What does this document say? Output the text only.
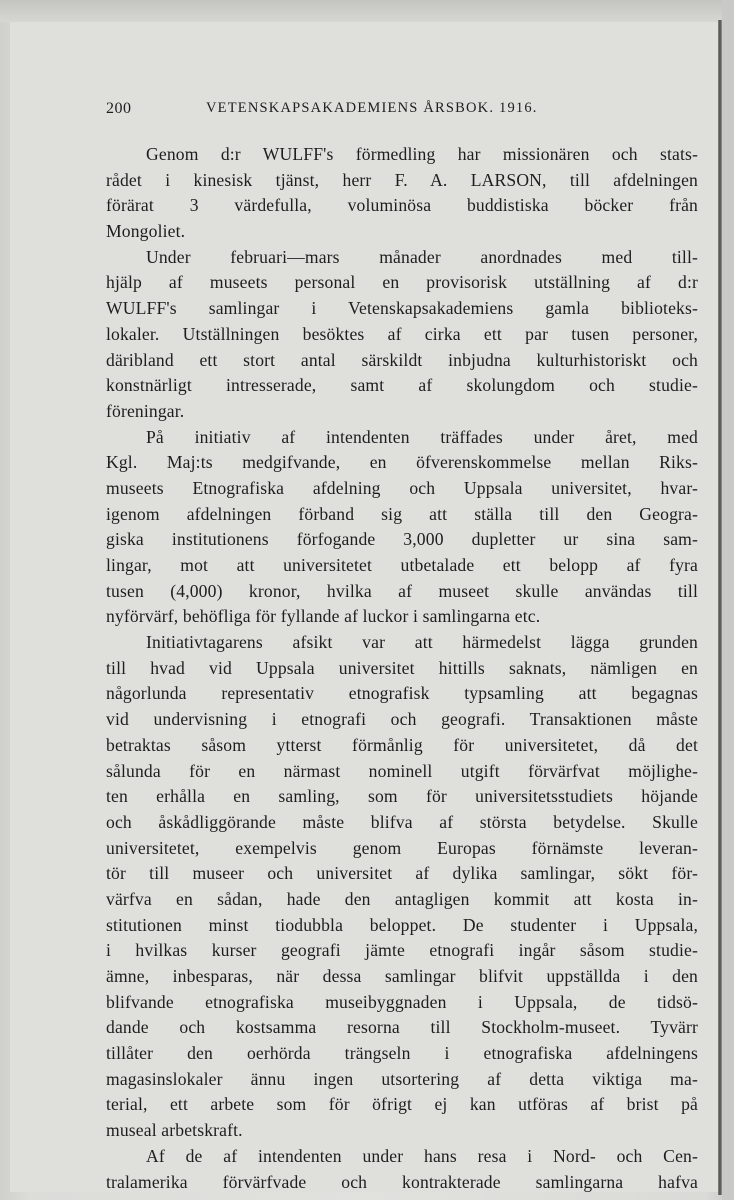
200	VETENSKAPSAKADEMIENS ÅRSBOK. 1916.
Genom d:r WULFF's förmedling har missionären och stats-
rådet i kinesisk tjänst, herr F. A. LARSON, till afdelningen
förärat 3 värdefulla, voluminösa buddistiska böcker från
Mongoliet.
Under februari—mars månader anordnades med till-
hjälp af museets personal en provisorisk utställning af d:r
WULFF's samlingar i Vetenskapsakademiens gamla biblioteks-
lokaler. Utställningen besöktes af cirka ett par tusen personer,
däribland ett stort antal särskildt inbjudna kulturhistoriskt och
konstnärligt intresserade, samt af skolungdom och studie-
föreningar.
På initiativ af intendenten träffades under året, med
Kgl. Maj:ts medgifvande, en öfverenskommelse mellan Riks-
museets Etnografiska afdelning och Uppsala universitet, hvar-
igenom afdelningen förband sig att ställa till den Geogra-
giska institutionens förfogande 3,000 dupletter ur sina sam-
lingar, mot att universitetet utbetalade ett belopp af fyra
tusen (4,000) kronor, hvilka af museet skulle användas till
nyförvärf, behöfliga för fyllande af luckor i samlingarna etc.
Initiativtagarens afsikt var att härmedelst lägga grunden
till hvad vid Uppsala universitet hittills saknats, nämligen en
någorlunda representativ etnografisk typsamling att begagnas
vid undervisning i etnografi och geografi. Transaktionen måste
betraktas såsom ytterst förmånlig för universitetet, då det
sålunda för en närmast nominell utgift förvärfvat möjlighe-
ten erhålla en samling, som för universitetsstudiets höjande
och åskådliggörande måste blifva af största betydelse. Skulle
universitetet, exempelvis genom Europas förnämste leveran-
tör till museer och universitet af dylika samlingar, sökt för-
värfva en sådan, hade den antagligen kommit att kosta in-
stitutionen minst tiodubbla beloppet. De studenter i Uppsala,
i hvilkas kurser geografi jämte etnografi ingår såsom studie-
ämne, inbesparas, när dessa samlingar blifvit uppställda i den
blifvande etnografiska museibyggnaden i Uppsala, de tidsö-
dande och kostsamma resorna till Stockholm-museet. Tyvärr
tillåter den oerhörda trängseln i etnografiska afdelningens
magasinslokaler ännu ingen utsortering af detta viktiga ma-
terial, ett arbete som för öfrigt ej kan utföras af brist på
museal arbetskraft.
Af de af intendenten under hans resa i Nord- och Cen-
tralamerika förvärfvade och kontrakterade samlingarna hafva
